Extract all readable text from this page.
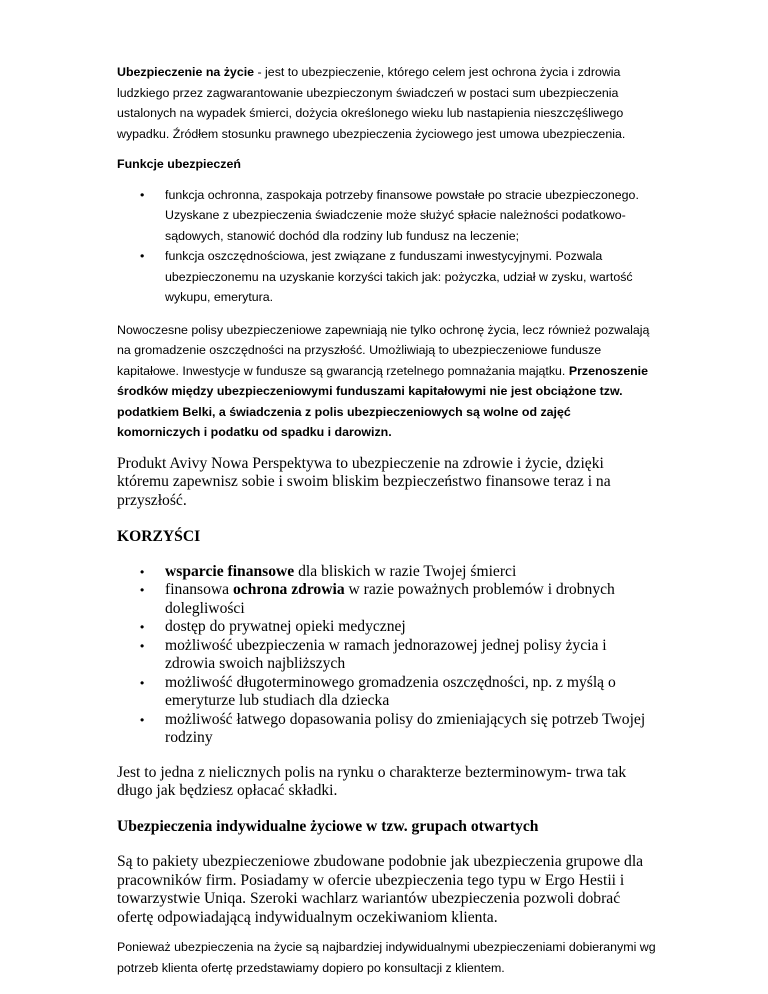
Ubezpieczenie na życie - jest to ubezpieczenie, którego celem jest ochrona życia i zdrowia ludzkiego przez zagwarantowanie ubezpieczonym świadczeń w postaci sum ubezpieczenia ustalonych na wypadek śmierci, dożycia określonego wieku lub nastapienia nieszczęśliwego wypadku. Źródłem stosunku prawnego ubezpieczenia życiowego jest umowa ubezpieczenia.

Funkcje ubezpieczeń

• funkcja ochronna, zaspokaja potrzeby finansowe powstałe po stracie ubezpieczonego. Uzyskane z ubezpieczenia świadczenie może służyć spłacie należności podatkowo-sądowych, stanowić dochód dla rodziny lub fundusz na leczenie;
• funkcja oszczędnościowa, jest związane z funduszami inwestycyjnymi. Pozwala ubezpieczonemu na uzyskanie korzyści takich jak: pożyczka, udział w zysku, wartość wykupu, emerytura.

Nowoczesne polisy ubezpieczeniowe zapewniają nie tylko ochronę życia, lecz również pozwalają na gromadzenie oszczędności na przyszłość. Umożliwiają to ubezpieczeniowe fundusze kapitałowe. Inwestycje w fundusze są gwarancją rzetelnego pomnażania majątku. Przenoszenie środków między ubezpieczeniowymi funduszami kapitałowymi nie jest obciążone tzw. podatkiem Belki, a świadczenia z polis ubezpieczeniowych są wolne od zajęć komorniczych i podatku od spadku i darowizn.

Produkt Avivy Nowa Perspektywa to ubezpieczenie na zdrowie i życie, dzięki któremu zapewnisz sobie i swoim bliskim bezpieczeństwo finansowe teraz i na przyszłość.

KORZYŚCI

• wsparcie finansowe dla bliskich w razie Twojej śmierci
• finansowa ochrona zdrowia w razie poważnych problemów i drobnych dolegliwości
• dostęp do prywatnej opieki medycznej
• możliwość ubezpieczenia w ramach jednorazowej jednej polisy życia i zdrowia swoich najbliższych
• możliwość długoterminowego gromadzenia oszczędności, np. z myślą o emeryturze lub studiach dla dziecka
• możliwość łatwego dopasowania polisy do zmieniających się potrzeb Twojej rodziny

Jest to jedna z nielicznych polis na rynku o charakterze bezterminowym- trwa tak długo jak będziesz opłacać składki.

Ubezpieczenia indywidualne życiowe w tzw. grupach otwartych

Są to pakiety ubezpieczeniowe zbudowane podobnie jak ubezpieczenia grupowe dla pracowników firm. Posiadamy w ofercie ubezpieczenia tego typu w Ergo Hestii i towarzystwie Uniqa. Szeroki wachlarz wariantów ubezpieczenia pozwoli dobrać ofertę odpowiadającą indywidualnym oczekiwaniom klienta.

Ponieważ ubezpieczenia na życie są najbardziej indywidualnymi ubezpieczeniami dobieranymi wg potrzeb klienta ofertę przedstawiamy dopiero po konsultacji z klientem.
